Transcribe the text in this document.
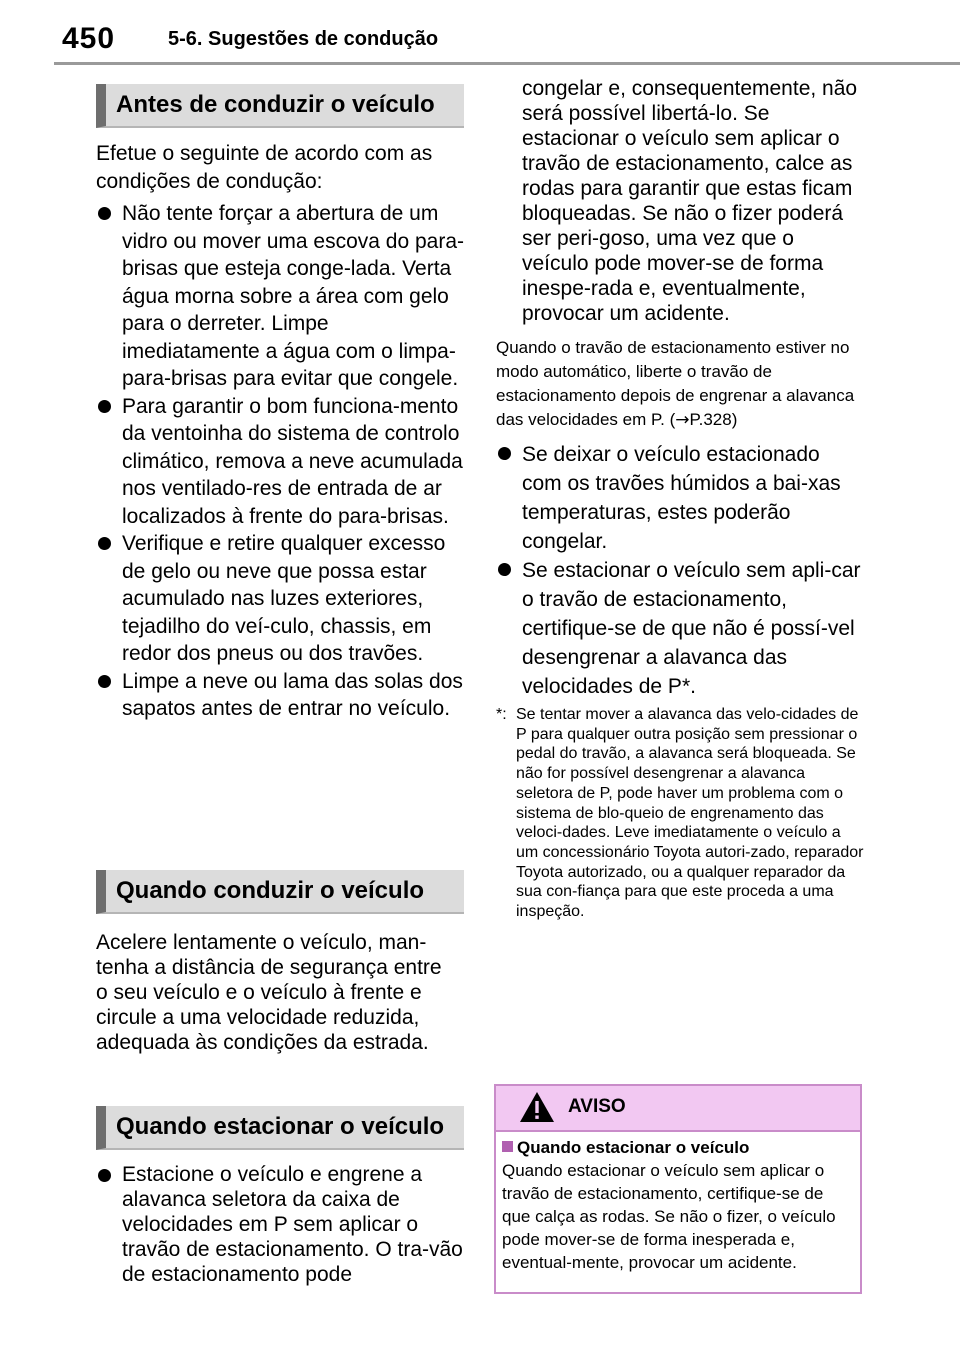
450	5-6. Sugestões de condução
Antes de conduzir o veículo

Efetue o seguinte de acordo com as condições de condução:

Não tente forçar a abertura de um vidro ou mover uma escova do para-brisas que esteja conge-lada. Verta água morna sobre a área com gelo para o derreter. Limpe imediatamente a água com o limpa-para-brisas para evitar que congele.
Para garantir o bom funciona-mento da ventoinha do sistema de controlo climático, remova a neve acumulada nos ventilado-res de entrada de ar localizados à frente do para-brisas.
Verifique e retire qualquer excesso de gelo ou neve que possa estar acumulado nas luzes exteriores, tejadilho do veí-culo, chassis, em redor dos pneus ou dos travões.
Limpe a neve ou lama das solas dos sapatos antes de entrar no veículo.
Quando conduzir o veículo

Acelere lentamente o veículo, man-tenha a distância de segurança entre o seu veículo e o veículo à frente e circule a uma velocidade reduzida, adequada às condições da estrada.

Quando estacionar o veículo
Estacione o veículo e engrene a alavanca seletora da caixa de velocidades em P sem aplicar o travão de estacionamento. O tra-vão de estacionamento pode

congelar e, consequentemente, não será possível libertá-lo. Se estacionar o veículo sem aplicar o travão de estacionamento, calce as rodas para garantir que estas ficam bloqueadas. Se não o fizer poderá ser peri-goso, uma vez que o veículo pode mover-se de forma inespe-rada e, eventualmente, provocar um acidente.

Quando o travão de estacionamento estiver no modo automático, liberte o travão de estacionamento depois de engrenar a alavanca das velocidades em P. (→P.328)

Se deixar o veículo estacionado com os travões húmidos a bai-xas temperaturas, estes poderão congelar.
Se estacionar o veículo sem apli-car o travão de estacionamento, certifique-se de que não é possí-vel desengrenar a alavanca das velocidades de P*.
*: Se tentar mover a alavanca das velo-cidades de P para qualquer outra posição sem pressionar o pedal do travão, a alavanca será bloqueada. Se não for possível desengrenar a alavanca seletora de P, pode haver um problema com o sistema de blo-queio de engrenamento das veloci-dades. Leve imediatamente o veículo a um concessionário Toyota autori-zado, reparador Toyota autorizado, ou a qualquer reparador da sua con-fiança para que este proceda a uma inspeção.
AVISO
Quando estacionar o veículo
Quando estacionar o veículo sem aplicar o travão de estacionamento, certifique-se de que calça as rodas. Se não o fizer, o veículo pode mover-se de forma inesperada e, eventual-mente, provocar um acidente.
